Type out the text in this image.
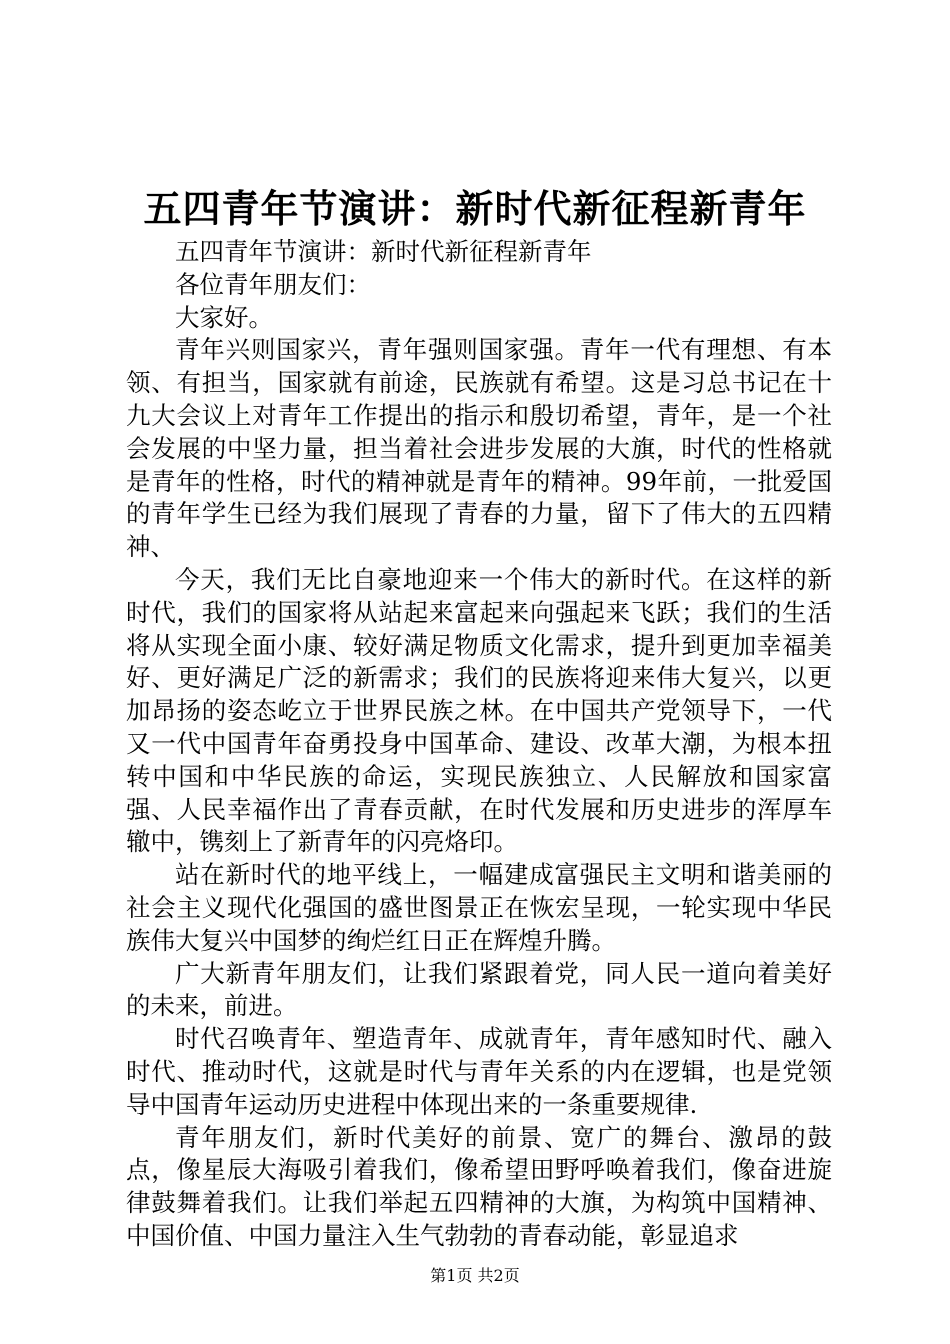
五四青年节演讲：新时代新征程新青年

五四青年节演讲：新时代新征程新青年

各位青年朋友们：

大家好。

青年兴则国家兴，青年强则国家强。青年一代有理想、有本领、有担当，国家就有前途，民族就有希望。这是习总书记在十九大会议上对青年工作提出的指示和殷切希望，青年，是一个社会发展的中坚力量，担当着社会进步发展的大旗，时代的性格就是青年的性格，时代的精神就是青年的精神。99年前，一批爱国的青年学生已经为我们展现了青春的力量，留下了伟大的五四精神、

今天，我们无比自豪地迎来一个伟大的新时代。在这样的新时代，我们的国家将从站起来富起来向强起来飞跃；我们的生活将从实现全面小康、较好满足物质文化需求，提升到更加幸福美好、更好满足广泛的新需求；我们的民族将迎来伟大复兴，以更加昂扬的姿态屹立于世界民族之林。在中国共产党领导下，一代又一代中国青年奋勇投身中国革命、建设、改革大潮，为根本扭转中国和中华民族的命运，实现民族独立、人民解放和国家富强、人民幸福作出了青春贡献，在时代发展和历史进步的浑厚车辙中，镌刻上了新青年的闪亮烙印。

站在新时代的地平线上，一幅建成富强民主文明和谐美丽的社会主义现代化强国的盛世图景正在恢宏呈现，一轮实现中华民族伟大复兴中国梦的绚烂红日正在辉煌升腾。

广大新青年朋友们，让我们紧跟着党，同人民一道向着美好的未来，前进。

时代召唤青年、塑造青年、成就青年，青年感知时代、融入时代、推动时代，这就是时代与青年关系的内在逻辑，也是党领导中国青年运动历史进程中体现出来的一条重要规律.

青年朋友们，新时代美好的前景、宽广的舞台、激昂的鼓点，像星辰大海吸引着我们，像希望田野呼唤着我们，像奋进旋律鼓舞着我们。让我们举起五四精神的大旗，为构筑中国精神、中国价值、中国力量注入生气勃勃的青春动能，彰显追求

第1页 共2页
